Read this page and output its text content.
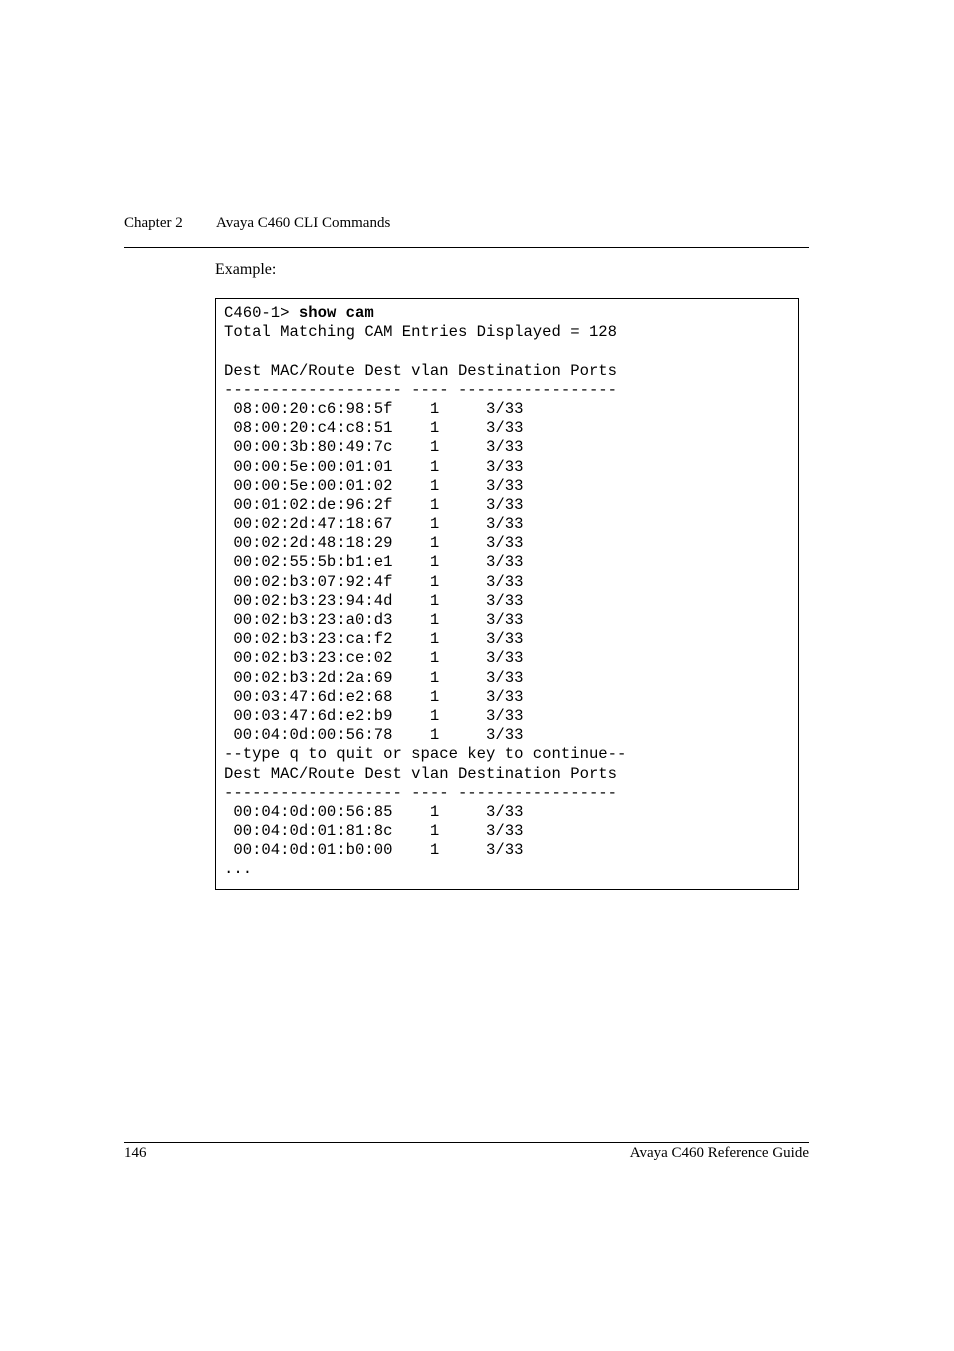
Chapter 2 Avaya C460 CLI Commands
Example:
C460-1> show cam
Total Matching CAM Entries Displayed = 128
Dest MAC/Route Dest vlan Destination Ports
------------------- ---- -----------------
08:00:20:c6:98:5f    1     3/33
08:00:20:c4:c8:51    1     3/33
00:00:3b:80:49:7c    1     3/33
00:00:5e:00:01:01    1     3/33
00:00:5e:00:01:02    1     3/33
00:01:02:de:96:2f    1     3/33
00:02:2d:47:18:67    1     3/33
00:02:2d:48:18:29    1     3/33
00:02:55:5b:b1:e1    1     3/33
00:02:b3:07:92:4f    1     3/33
00:02:b3:23:94:4d    1     3/33
00:02:b3:23:a0:d3    1     3/33
00:02:b3:23:ca:f2    1     3/33
00:02:b3:23:ce:02    1     3/33
00:02:b3:2d:2a:69    1     3/33
00:03:47:6d:e2:68    1     3/33
00:03:47:6d:e2:b9    1     3/33
00:04:0d:00:56:78    1     3/33
--type q to quit or space key to continue--
Dest MAC/Route Dest vlan Destination Ports
------------------- ---- -----------------
00:04:0d:00:56:85    1     3/33
00:04:0d:01:81:8c    1     3/33
00:04:0d:01:b0:00    1     3/33
...
146	Avaya C460 Reference Guide
